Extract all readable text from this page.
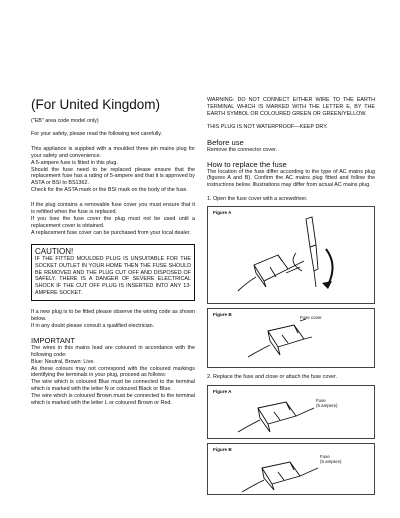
(For United Kingdom)

("EB" area code model only)

For your safety, please read the following text carefully.

This appliance is supplied with a moulded three pin mains plug for your safety and convenience.

A 5-ampere fuse is fitted in this plug.

Should the fuse need to be replaced please ensure that the replacement fuse has a rating of 5-ampere and that it is approved by ASTA or BSI to BS1362.

Check for the ASTA mark or the BSI mark on the body of the fuse.

If the plug contains a removable fuse cover you must ensure that it is refitted when the fuse is replaced.

If you lose the fuse cover the plug must not be used until a replacement cover is obtained.

A replacement fuse cover can be purchased from your local dealer.

CAUTION!

IF THE FITTED MOULDED PLUG IS UNSUITABLE FOR THE SOCKET OUTLET IN YOUR HOME THEN THE FUSE SHOULD BE REMOVED AND THE PLUG CUT OFF AND DISPOSED OF SAFELY. THERE IS A DANGER OF SEVERE ELECTRICAL SHOCK IF THE CUT OFF PLUG IS INSERTED INTO ANY 13-AMPERE SOCKET.

If a new plug is to be fitted please observe the wiring code as shown below.

If in any doubt please consult a qualified electrician.

IMPORTANT

The wires in this mains lead are coloured in accordance with the following code:

Blue: Neutral, Brown: Live.

As these colours may not correspond with the coloured markings identifying the terminals in your plug, proceed as follows:

The wire which is coloured Blue must be connected to the terminal which is marked with the letter N or coloured Black or Blue.

The wire which is coloured Brown must be connected to the terminal which is marked with the letter L or coloured Brown or Red.

WARNING: DO NOT CONNECT EITHER WIRE TO THE EARTH TERMINAL WHICH IS MARKED WITH THE LETTER E, BY THE EARTH SYMBOL OR COLOURED GREEN OR GREEN/YELLOW.

THIS PLUG IS NOT WATERPROOF—KEEP DRY.

Before use

Remove the connector cover.

How to replace the fuse

The location of the fuse differ according to the type of AC mains plug (figures A and B). Confirm the AC mains plug fitted and follow the instructions below. Illustrations may differ from actual AC mains plug.

1. Open the fuse cover with a screwdriver.

Figure A
Figure B
Fuse cover

2. Replace the fuse and close or attach the fuse cover.

Figure A
Fuse
(5 ampere)
Figure B
Fuse
(5 ampere)
